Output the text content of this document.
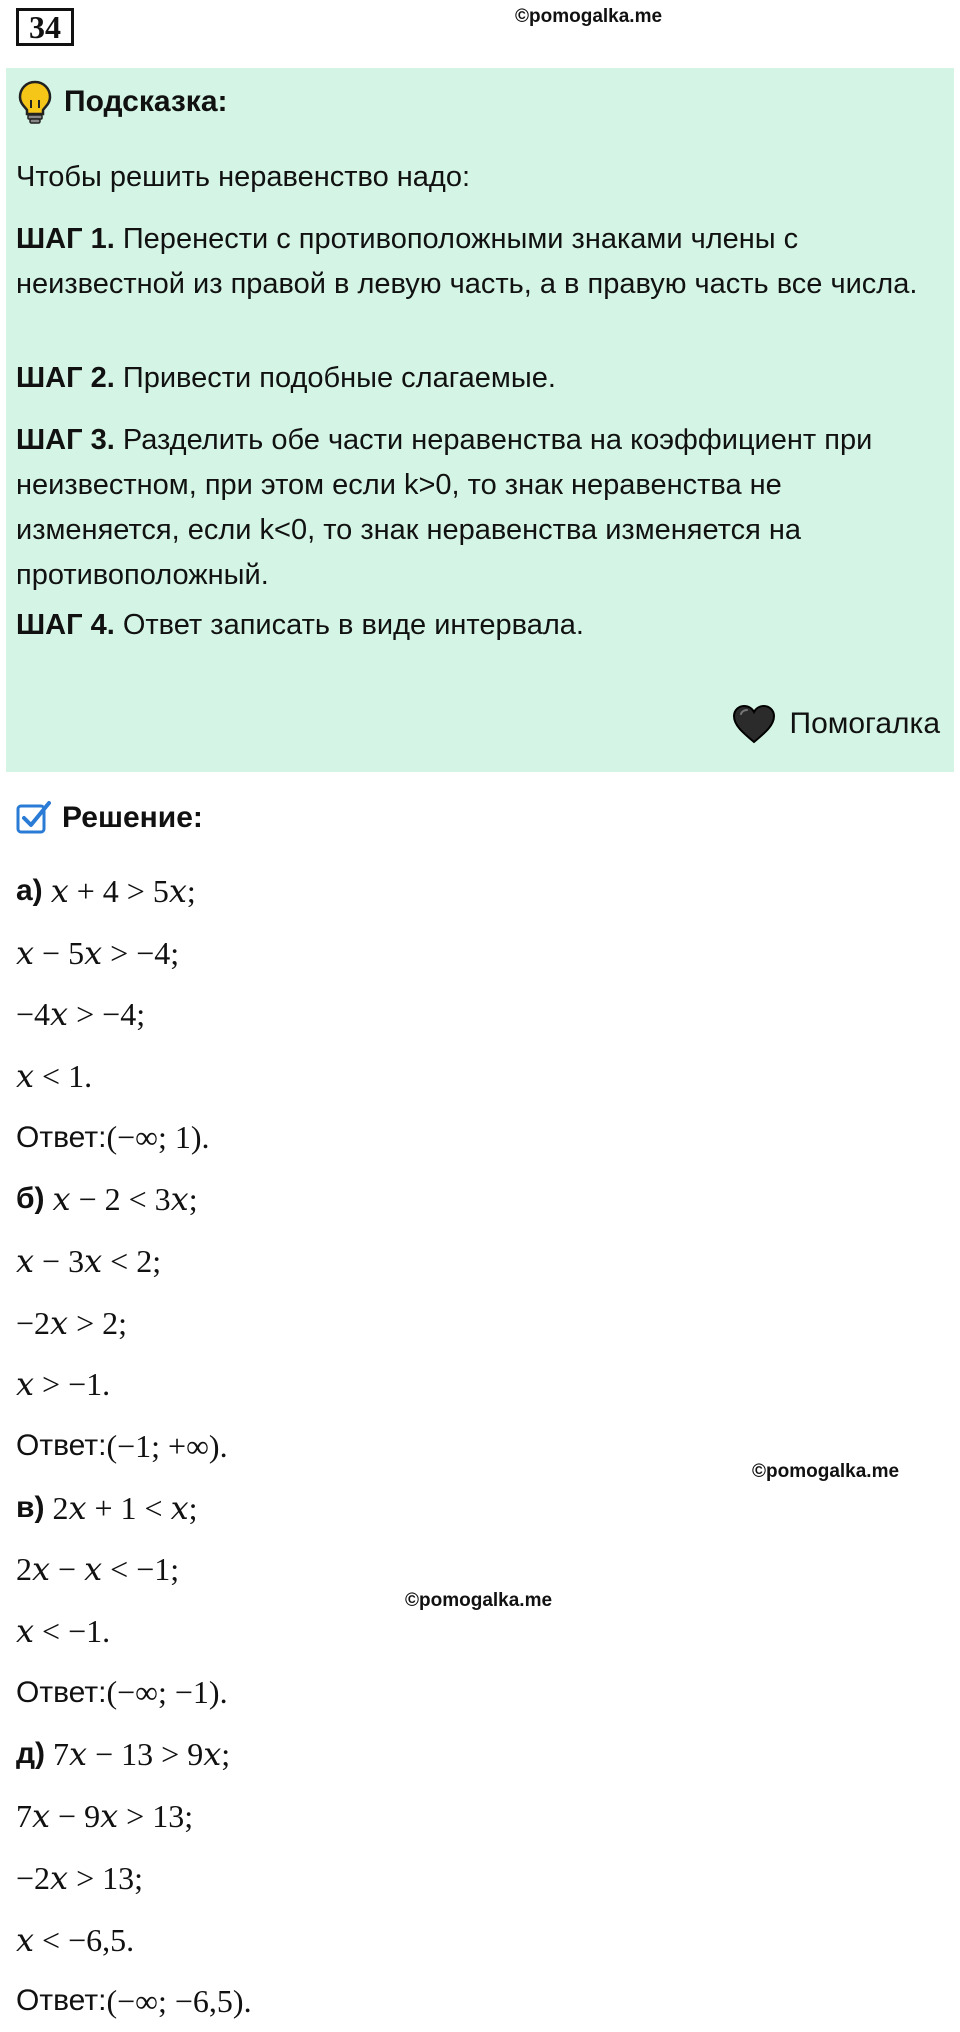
34	©pomogalka.me
Подсказка:
Чтобы решить неравенство надо:
ШАГ 1. Перенести с противоположными знаками члены с неизвестной из правой в левую часть, а в правую часть все числа.
ШАГ 2. Привести подобные слагаемые.
ШАГ 3. Разделить обе части неравенства на коэффициент при неизвестном, при этом если k>0, то знак неравенства не изменяется, если k<0, то знак неравенства изменяется на противоположный.
ШАГ 4. Ответ записать в виде интервала.
Помогалка
Решение:
а) 𝑥 + 4 > 5𝑥;
𝑥 − 5𝑥 > −4;
−4𝑥 > −4;
𝑥 < 1.
Ответ: (−∞; 1).
б) 𝑥 − 2 < 3𝑥;
𝑥 − 3𝑥 < 2;
−2𝑥 > 2;
𝑥 > −1.
Ответ: (−1; +∞).
в) 2𝑥 + 1 < 𝑥;
2𝑥 − 𝑥 < −1;
𝑥 < −1.
Ответ: (−∞; −1).
д) 7𝑥 − 13 > 9𝑥;
7𝑥 − 9𝑥 > 13;
−2𝑥 > 13;
𝑥 < −6,5.
Ответ: (−∞; −6,5).
©pomogalka.me
©pomogalka.me
